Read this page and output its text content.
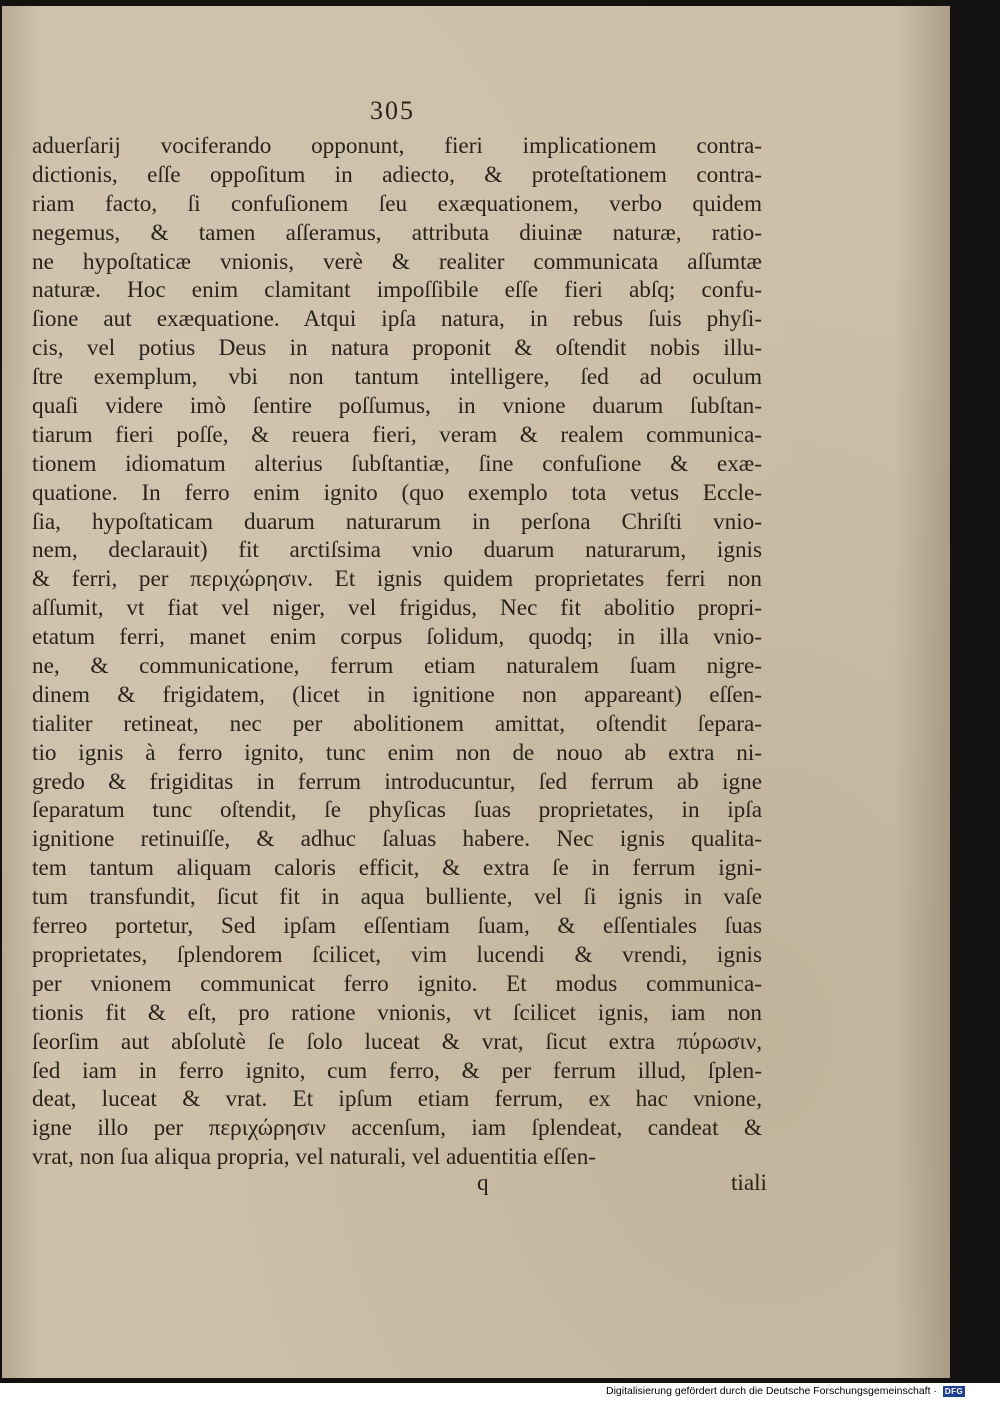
305
aduerſarij vociferando opponunt, fieri implicationem contra-
dictionis, eſſe oppoſitum in adiecto, & proteſtationem contra-
riam facto, ſi confuſionem ſeu exæquationem, verbo quidem
negemus, & tamen aſſeramus, attributa diuinæ naturæ, ratio-
ne hypoſtaticæ vnionis, verè & realiter communicata aſſumtæ
naturæ. Hoc enim clamitant impoſſibile eſſe fieri abſq; confu-
ſione aut exæquatione. Atqui ipſa natura, in rebus ſuis phyſi-
cis, vel potius Deus in natura proponit & oſtendit nobis illu-
ſtre exemplum, vbi non tantum intelligere, ſed ad oculum
quaſi videre imò ſentire poſſumus, in vnione duarum ſubſtan-
tiarum fieri poſſe, & reuera fieri, veram & realem communica-
tionem idiomatum alterius ſubſtantiæ, ſine confuſione & exæ-
quatione. In ferro enim ignito (quo exemplo tota vetus Eccle-
ſia, hypoſtaticam duarum naturarum in perſona Chriſti vnio-
nem, declarauit) fit arctiſsima vnio duarum naturarum, ignis
& ferri, per περιχώρησιν. Et ignis quidem proprietates ferri non
aſſumit, vt fiat vel niger, vel frigidus, Nec fit abolitio propri-
etatum ferri, manet enim corpus ſolidum, quodq; in illa vnio-
ne, & communicatione, ferrum etiam naturalem ſuam nigre-
dinem & frigidatem, (licet in ignitione non appareant) eſſen-
tialiter retineat, nec per abolitionem amittat, oſtendit ſepara-
tio ignis à ferro ignito, tunc enim non de nouo ab extra ni-
gredo & frigiditas in ferrum introducuntur, ſed ferrum ab igne
ſeparatum tunc oſtendit, ſe phyſicas ſuas proprietates, in ipſa
ignitione retinuiſſe, & adhuc ſaluas habere. Nec ignis qualita-
tem tantum aliquam caloris efficit, & extra ſe in ferrum igni-
tum transfundit, ſicut fit in aqua bulliente, vel ſi ignis in vaſe
ferreo portetur, Sed ipſam eſſentiam ſuam, & eſſentiales ſuas
proprietates, ſplendorem ſcilicet, vim lucendi & vrendi, ignis
per vnionem communicat ferro ignito. Et modus communica-
tionis fit & eſt, pro ratione vnionis, vt ſcilicet ignis, iam non
ſeorſim aut abſolutè ſe ſolo luceat & vrat, ſicut extra πύρωσιν,
ſed iam in ferro ignito, cum ferro, & per ferrum illud, ſplen-
deat, luceat & vrat. Et ipſum etiam ferrum, ex hac vnione,
igne illo per περιχώρησιν accenſum, iam ſplendeat, candeat &
vrat, non ſua aliqua propria, vel naturali, vel aduentitia eſſen-
q	tiali
Digitalisierung gefördert durch die Deutsche Forschungsgemeinschaft · DFG
